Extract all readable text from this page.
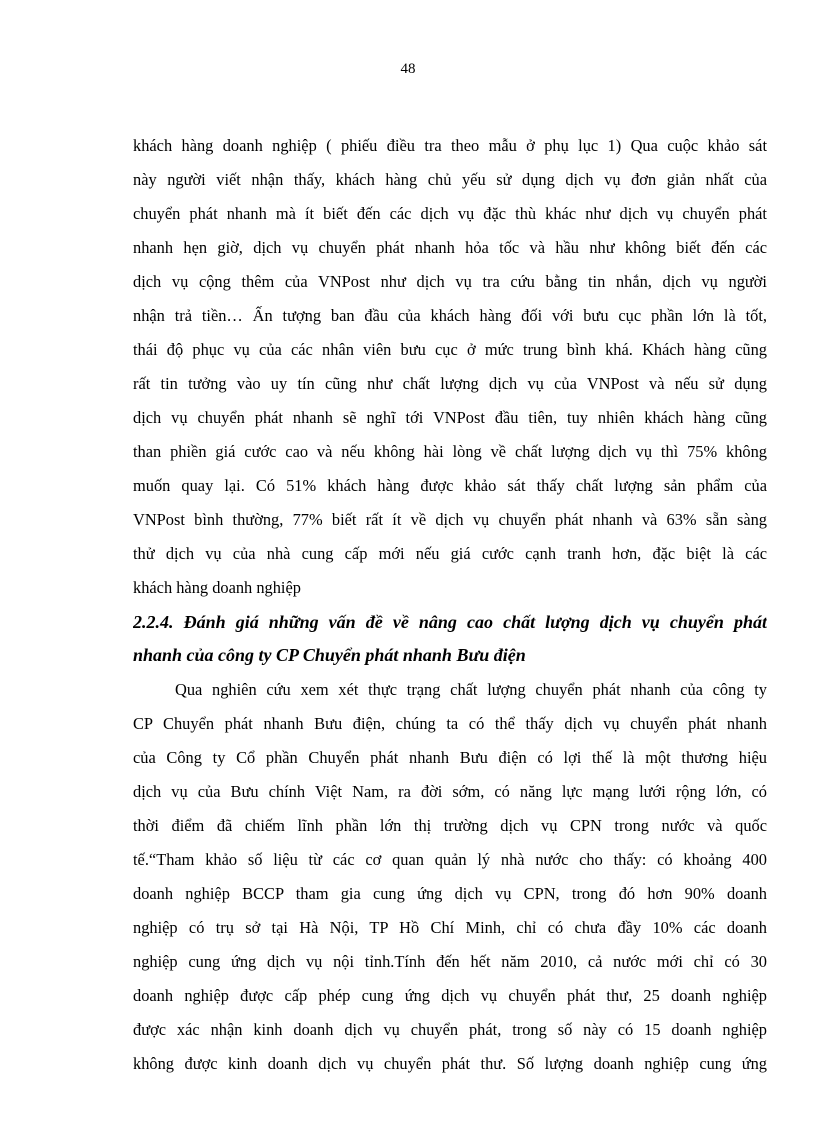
48
khách hàng doanh nghiệp ( phiếu điều tra theo mẫu ở phụ lục 1) Qua cuộc khảo sát
này người viết nhận thấy, khách hàng chủ yếu sử dụng dịch vụ đơn giản nhất của
chuyển phát nhanh mà ít biết đến các dịch vụ đặc thù khác như dịch vụ chuyển phát
nhanh hẹn giờ, dịch vụ chuyển phát nhanh hỏa tốc và hầu như không biết đến các
dịch vụ cộng thêm của VNPost như dịch vụ tra cứu bằng tin nhắn, dịch vụ người
nhận trả tiền… Ấn tượng ban đầu của khách hàng đối với bưu cục phần lớn là tốt,
thái độ phục vụ của các nhân viên bưu cục ở mức trung bình khá. Khách hàng cũng
rất tin tưởng vào uy tín cũng như chất lượng dịch vụ của VNPost và nếu sử dụng
dịch vụ chuyển phát nhanh sẽ nghĩ tới VNPost đầu tiên, tuy nhiên khách hàng cũng
than phiền giá cước cao và nếu không hài lòng về chất lượng dịch vụ thì 75% không
muốn quay lại. Có 51% khách hàng được khảo sát thấy chất lượng sản phẩm của
VNPost bình thường, 77% biết rất ít về dịch vụ chuyển phát nhanh và 63% sẵn sàng
thử dịch vụ của nhà cung cấp mới nếu giá cước cạnh tranh hơn, đặc biệt là các
khách hàng doanh nghiệp
2.2.4. Đánh giá những vấn đề về nâng cao chất lượng dịch vụ chuyển phát
nhanh của công ty CP Chuyển phát nhanh Bưu điện
Qua nghiên cứu xem xét thực trạng chất lượng chuyển phát nhanh của công ty
CP Chuyển phát nhanh Bưu điện, chúng ta có thể thấy dịch vụ chuyển phát nhanh
của Công ty Cổ phần Chuyển phát nhanh Bưu điện có lợi thế là một thương hiệu
dịch vụ của Bưu chính Việt Nam, ra đời sớm, có năng lực mạng lưới rộng lớn, có
thời điểm đã chiếm lĩnh phần lớn thị trường dịch vụ CPN trong nước và quốc
tế.“Tham khảo số liệu từ các cơ quan quản lý nhà nước cho thấy: có khoảng 400
doanh nghiệp BCCP tham gia cung ứng dịch vụ CPN, trong đó hơn 90% doanh
nghiệp có trụ sở tại Hà Nội, TP Hồ Chí Minh, chỉ có chưa đầy 10% các doanh
nghiệp cung ứng dịch vụ nội tỉnh.Tính đến hết năm 2010, cả nước mới chỉ có 30
doanh nghiệp được cấp phép cung ứng dịch vụ chuyển phát thư, 25 doanh nghiệp
được xác nhận kinh doanh dịch vụ chuyển phát, trong số này có 15 doanh nghiệp
không được kinh doanh dịch vụ chuyển phát thư. Số lượng doanh nghiệp cung ứng
